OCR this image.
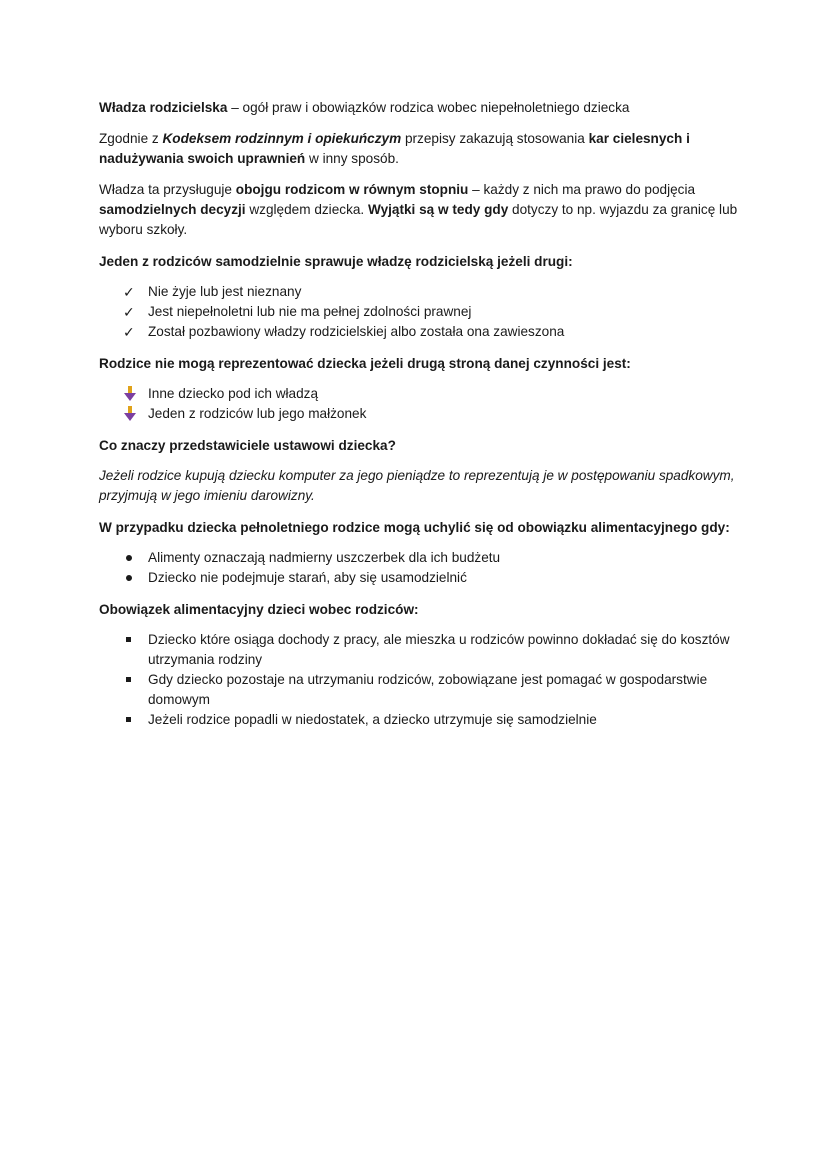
Władza rodzicielska – ogół praw i obowiązków rodzica wobec niepełnoletniego dziecka

Zgodnie z Kodeksem rodzinnym i opiekuńczym przepisy zakazują stosowania kar cielesnych i nadużywania swoich uprawnień w inny sposób.

Władza ta przysługuje obojgu rodzicom w równym stopniu – każdy z nich ma prawo do podjęcia samodzielnych decyzji względem dziecka. Wyjątki są w tedy gdy dotyczy to np. wyjazdu za granicę lub wyboru szkoły.

Jeden z rodziców samodzielnie sprawuje władzę rodzicielską jeżeli drugi:

✓ Nie żyje lub jest nieznany
✓ Jest niepełnoletni lub nie ma pełnej zdolności prawnej
✓ Został pozbawiony władzy rodzicielskiej albo została ona zawieszona

Rodzice nie mogą reprezentować dziecka jeżeli drugą stroną danej czynności jest:

Inne dziecko pod ich władzą
Jeden z rodziców lub jego małżonek

Co znaczy przedstawiciele ustawowi dziecka?

Jeżeli rodzice kupują dziecku komputer za jego pieniądze to reprezentują je w postępowaniu spadkowym, przyjmują w jego imieniu darowizny.

W przypadku dziecka pełnoletniego rodzice mogą uchylić się od obowiązku alimentacyjnego gdy:

Alimenty oznaczają nadmierny uszczerbek dla ich budżetu
Dziecko nie podejmuje starań, aby się usamodzielnić

Obowiązek alimentacyjny dzieci wobec rodziców:

Dziecko które osiąga dochody z pracy, ale mieszka u rodziców powinno dokładać się do kosztów utrzymania rodziny
Gdy dziecko pozostaje na utrzymaniu rodziców, zobowiązane jest pomagać w gospodarstwie domowym
Jeżeli rodzice popadli w niedostatek, a dziecko utrzymuje się samodzielnie
